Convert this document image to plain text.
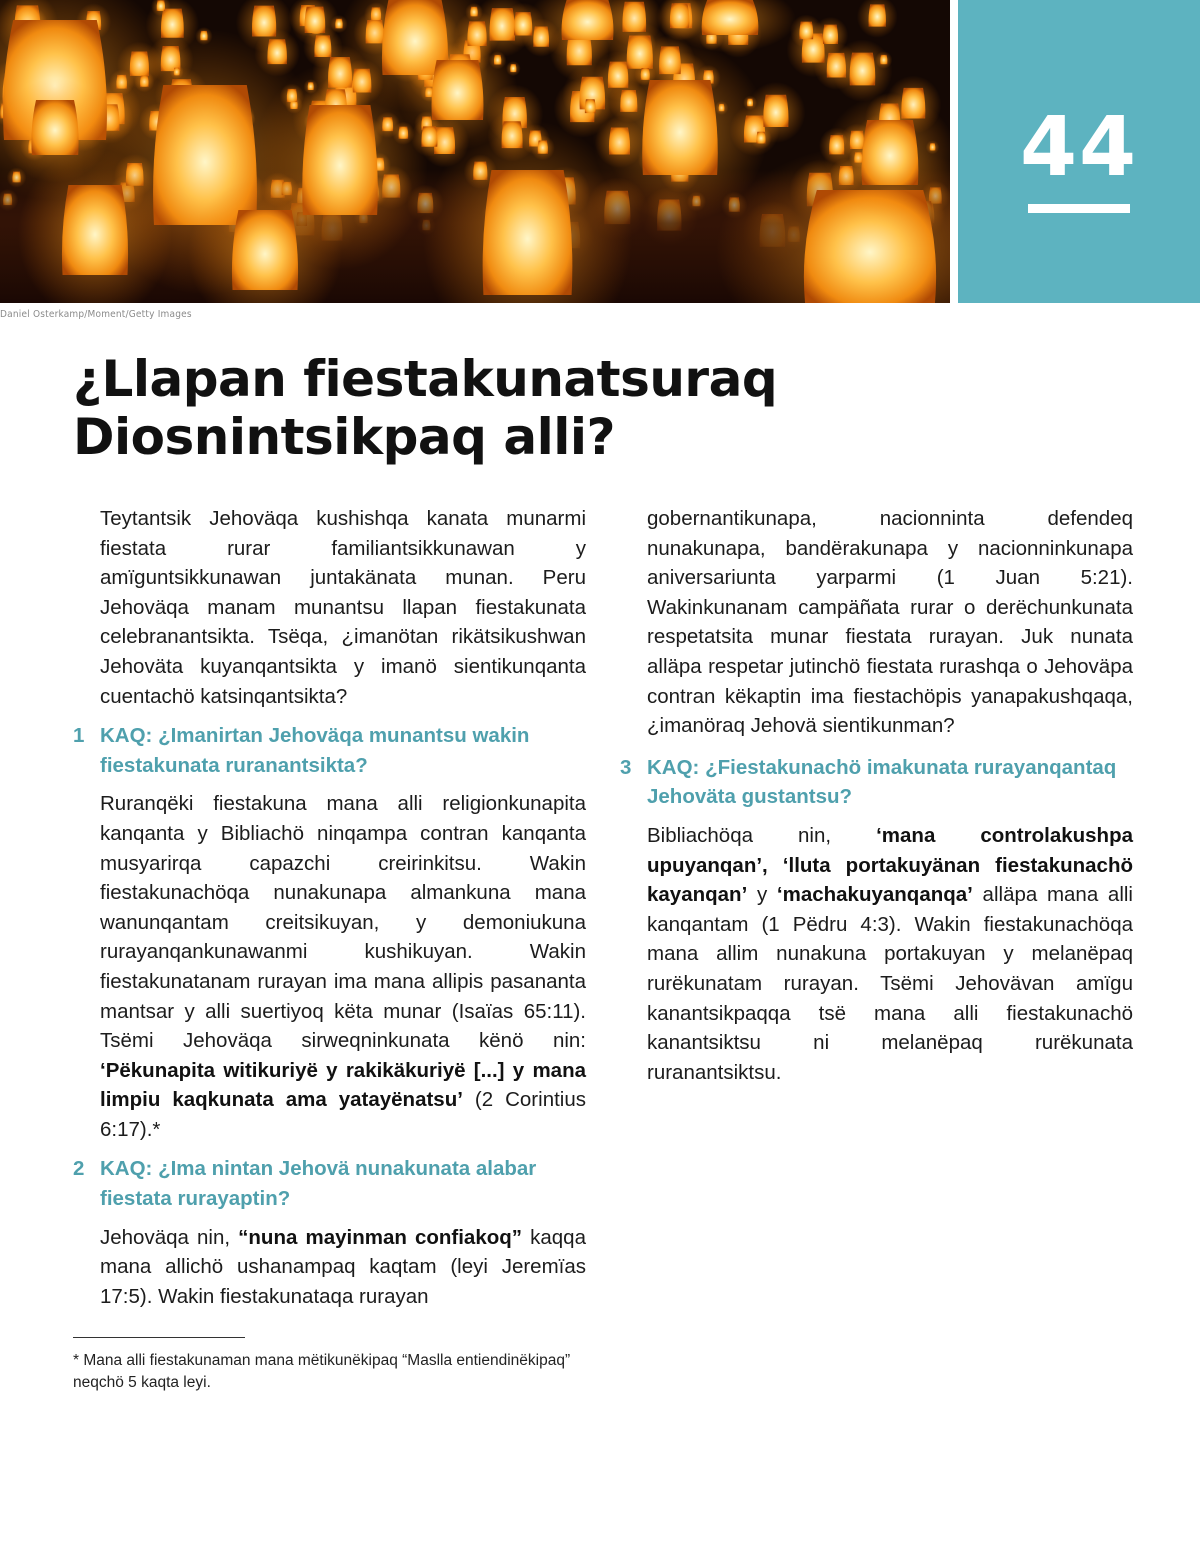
44
Daniel Osterkamp/Moment/Getty Images
¿Llapan fiestakunatsuraq
Diosnintsikpaq alli?

Teytantsik Jehoväqa kushishqa kanata munarmi fiestata rurar familiantsikkunawan y amïguntsikkunawan juntakänata munan. Peru Jehoväqa manam munantsu llapan fiestakunata celebranantsikta. Tsëqa, ¿imanötan rikätsikushwan Jehoväta kuyanqantsikta y imanö sientikunqanta cuentachö katsinqantsikta?

1 KAQ: ¿Imanirtan Jehoväqa munantsu wakin fiestakunata ruranantsikta?

Ruranqëki fiestakuna mana alli religionkunapita kanqanta y Bibliachö ninqampa contran kanqanta musyarirqa capazchi creirinkitsu. Wakin fiestakunachöqa nunakunapa almankuna mana wanunqantam creitsikuyan, y demoniukuna rurayanqankunawanmi kushikuyan. Wakin fiestakunatanam rurayan ima mana allipis pasananta mantsar y alli suertiyoq këta munar (Isaïas 65:11). Tsëmi Jehoväqa sirweqninkunata kënö nin: ‘Pëkunapita witikuriyë y rakikäkuriyë [...] y mana limpiu kaqkunata ama yatayënatsu’ (2 Corintius 6:17).*

2 KAQ: ¿Ima nintan Jehovä nunakunata alabar fiestata rurayaptin?

Jehoväqa nin, “nuna mayinman confiakoq” kaqqa mana allichö ushanampaq kaqtam (leyi Jeremïas 17:5). Wakin fiestakunataqa rurayan

* Mana alli fiestakunaman mana mëtikunëkipaq “Maslla entiendinëkipaq” neqchö 5 kaqta leyi.

gobernantikunapa, nacionninta defendeq nunakunapa, bandërakunapa y nacionninkunapa aniversariunta yarparmi (1 Juan 5:21). Wakinkunanam campäñata rurar o derëchunkunata respetatsita munar fiestata rurayan. Juk nunata alläpa respetar jutinchö fiestata rurashqa o Jehoväpa contran këkaptin ima fiestachöpis yanapakushqaqa, ¿imanöraq Jehovä sientikunman?

3 KAQ: ¿Fiestakunachö imakunata rurayanqantaq Jehoväta gustantsu?

Bibliachöqa nin, ‘mana controlakushpa upuyanqan’, ‘lluta portakuyänan fiestakunachö kayanqan’ y ‘machakuyanqanqa’ alläpa mana alli kanqantam (1 Pëdru 4:3). Wakin fiestakunachöqa mana allim nunakuna portakuyan y melanëpaq rurëkunatam rurayan. Tsëmi Jehovävan amïgu kanantsikpaqqa tsë mana alli fiestakunachö kanantsiktsu ni melanëpaq rurëkunata ruranantsiktsu.
